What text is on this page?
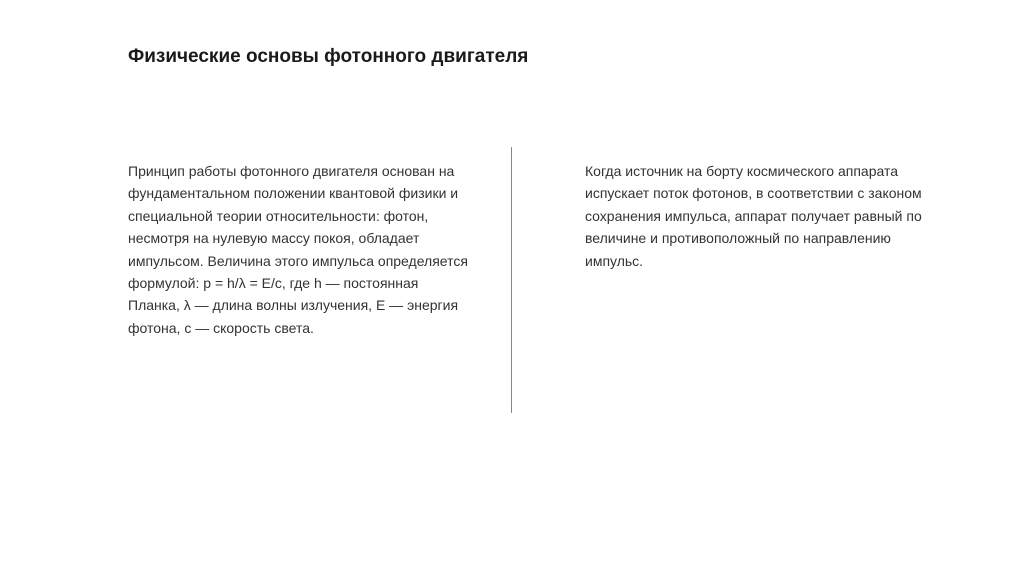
Физические основы фотонного двигателя

Принцип работы фотонного двигателя основан на фундаментальном положении квантовой физики и специальной теории относительности: фотон, несмотря на нулевую массу покоя, обладает импульсом. Величина этого импульса определяется формулой: p = h/λ = E/c, где h — постоянная Планка, λ — длина волны излучения, E — энергия фотона, c — скорость света.

Когда источник на борту космического аппарата испускает поток фотонов, в соответствии с законом сохранения импульса, аппарат получает равный по величине и противоположный по направлению импульс.
